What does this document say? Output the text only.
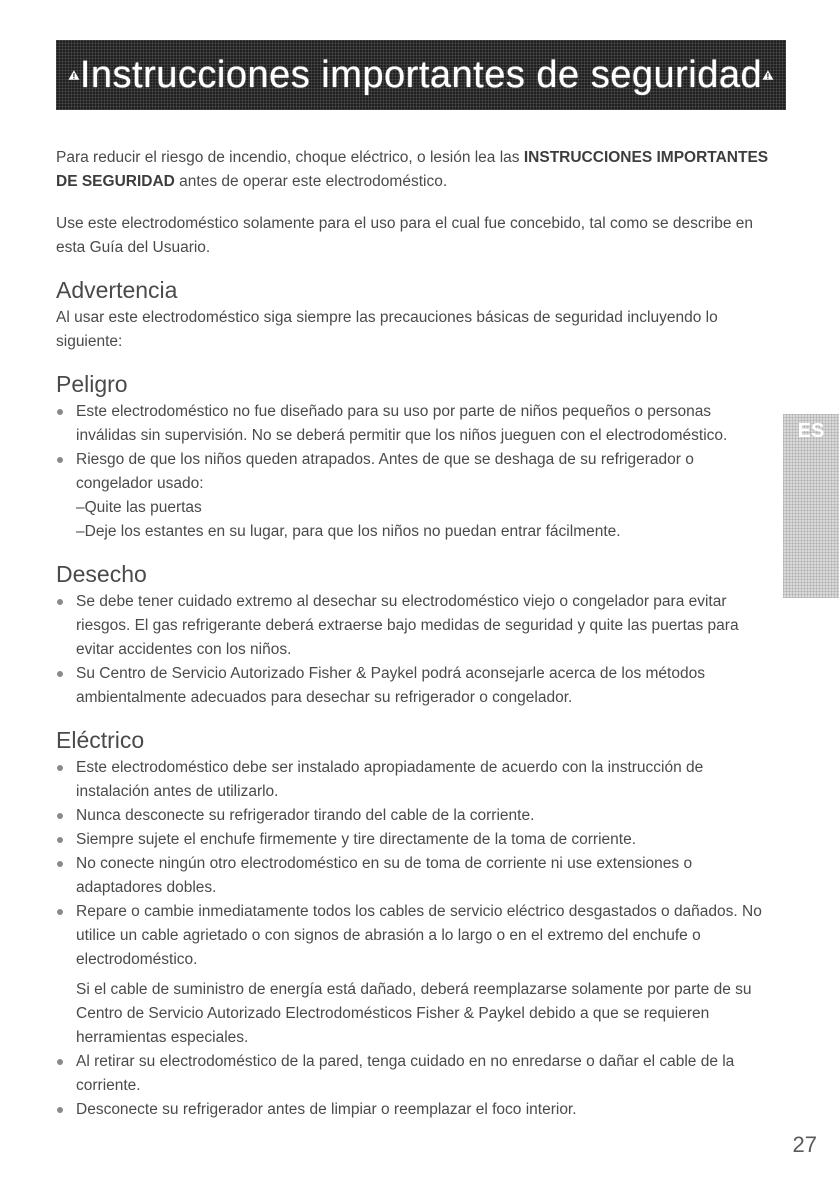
Instrucciones importantes de seguridad

Para reducir el riesgo de incendio, choque eléctrico, o lesión lea las INSTRUCCIONES IMPORTANTES DE SEGURIDAD antes de operar este electrodoméstico.

Use este electrodoméstico solamente para el uso para el cual fue concebido, tal como se describe en esta Guía del Usuario.

Advertencia

Al usar este electrodoméstico siga siempre las precauciones básicas de seguridad incluyendo lo siguiente:

Peligro
Este electrodoméstico no fue diseñado para su uso por parte de niños pequeños o personas inválidas sin supervisión. No se deberá permitir que los niños jueguen con el electrodoméstico.
Riesgo de que los niños queden atrapados. Antes de que se deshaga de su refrigerador o congelador usado:
–Quite las puertas
–Deje los estantes en su lugar, para que los niños no puedan entrar fácilmente.
Desecho
Se debe tener cuidado extremo al desechar su electrodoméstico viejo o congelador para evitar riesgos. El gas refrigerante deberá extraerse bajo medidas de seguridad y quite las puertas para evitar accidentes con los niños.
Su Centro de Servicio Autorizado Fisher & Paykel podrá aconsejarle acerca de los métodos ambientalmente adecuados para desechar su refrigerador o congelador.
Eléctrico
Este electrodoméstico debe ser instalado apropiadamente de acuerdo con la instrucción de instalación antes de utilizarlo.
Nunca desconecte su refrigerador tirando del cable de la corriente.
Siempre sujete el enchufe firmemente y tire directamente de la toma de corriente.
No conecte ningún otro electrodoméstico en su de toma de corriente ni use extensiones o adaptadores dobles.
Repare o cambie inmediatamente todos los cables de servicio eléctrico desgastados o dañados. No utilice un cable agrietado o con signos de abrasión a lo largo o en el extremo del enchufe o electrodoméstico.
Si el cable de suministro de energía está dañado, deberá reemplazarse solamente por parte de su Centro de Servicio Autorizado Electrodomésticos Fisher & Paykel debido a que se requieren herramientas especiales.
Al retirar su electrodoméstico de la pared, tenga cuidado en no enredarse o dañar el cable de la corriente.
Desconecte su refrigerador antes de limpiar o reemplazar el foco interior.
ES
27
